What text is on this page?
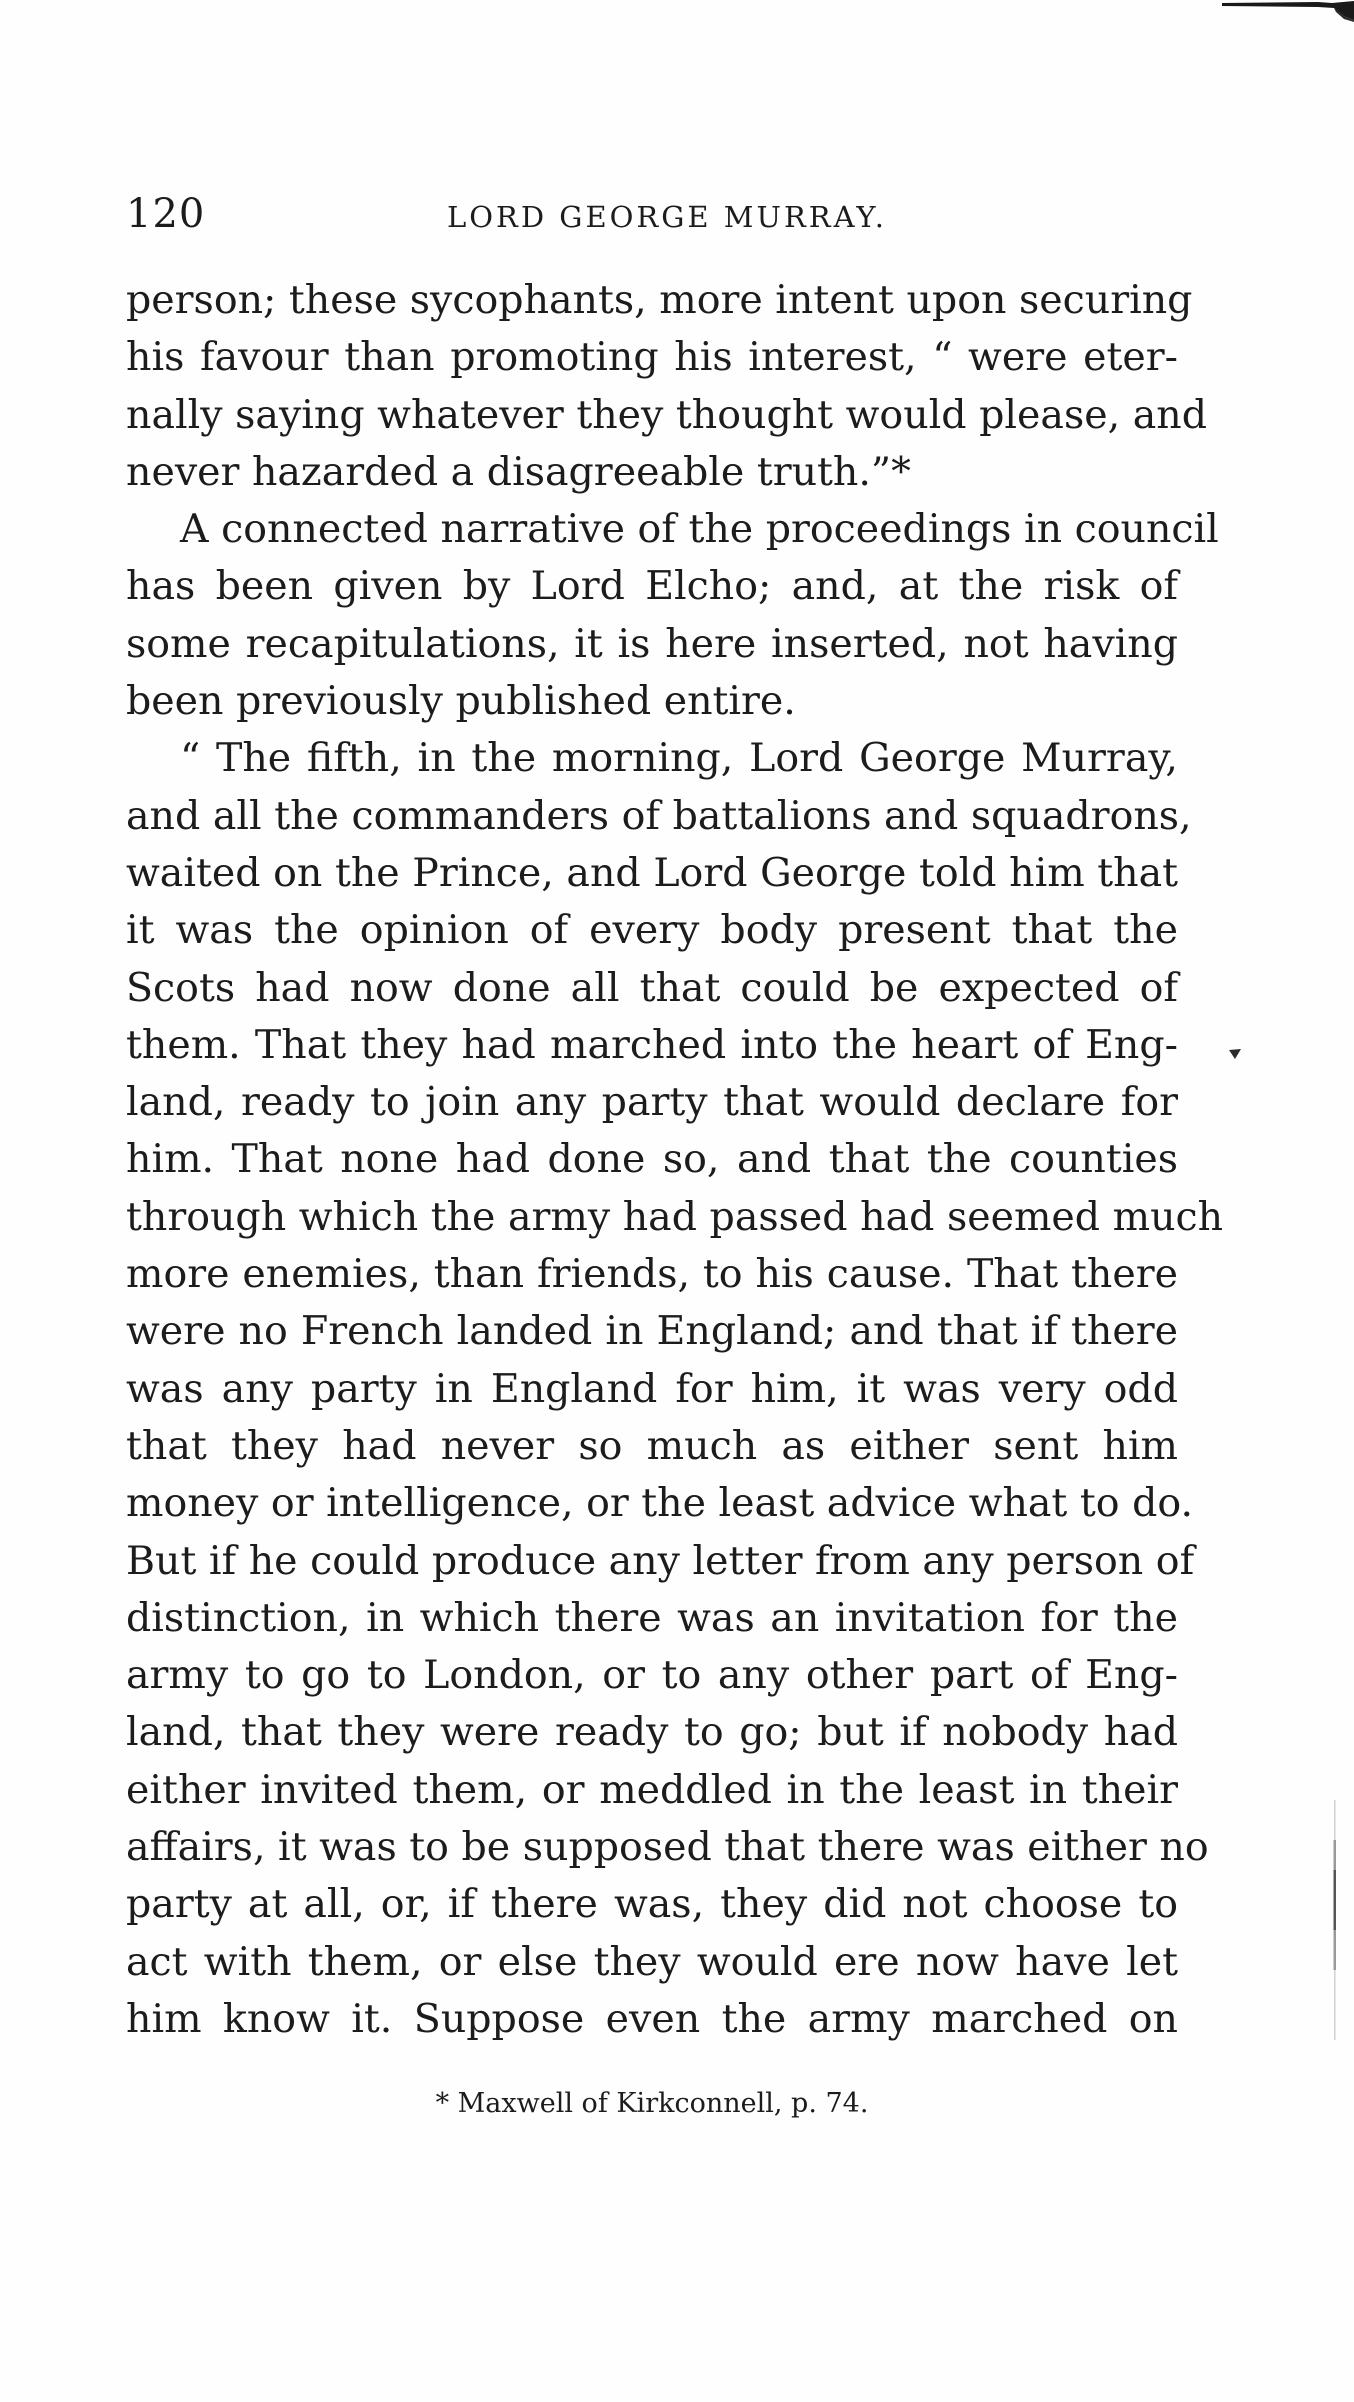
120	LORD GEORGE MURRAY.
person; these sycophants, more intent upon securing
his favour than promoting his interest, “ were eter-
nally saying whatever they thought would please, and
never hazarded a disagreeable truth.”*
A connected narrative of the proceedings in council
has been given by Lord Elcho; and, at the risk of
some recapitulations, it is here inserted, not having
been previously published entire.
“ The fifth, in the morning, Lord George Murray,
and all the commanders of battalions and squadrons,
waited on the Prince, and Lord George told him that
it was the opinion of every body present that the
Scots had now done all that could be expected of
them. That they had marched into the heart of Eng-
land, ready to join any party that would declare for
him. That none had done so, and that the counties
through which the army had passed had seemed much
more enemies, than friends, to his cause. That there
were no French landed in England; and that if there
was any party in England for him, it was very odd
that they had never so much as either sent him
money or intelligence, or the least advice what to do.
But if he could produce any letter from any person of
distinction, in which there was an invitation for the
army to go to London, or to any other part of Eng-
land, that they were ready to go; but if nobody had
either invited them, or meddled in the least in their
affairs, it was to be supposed that there was either no
party at all, or, if there was, they did not choose to
act with them, or else they would ere now have let
him know it. Suppose even the army marched on
* Maxwell of Kirkconnell, p. 74.
